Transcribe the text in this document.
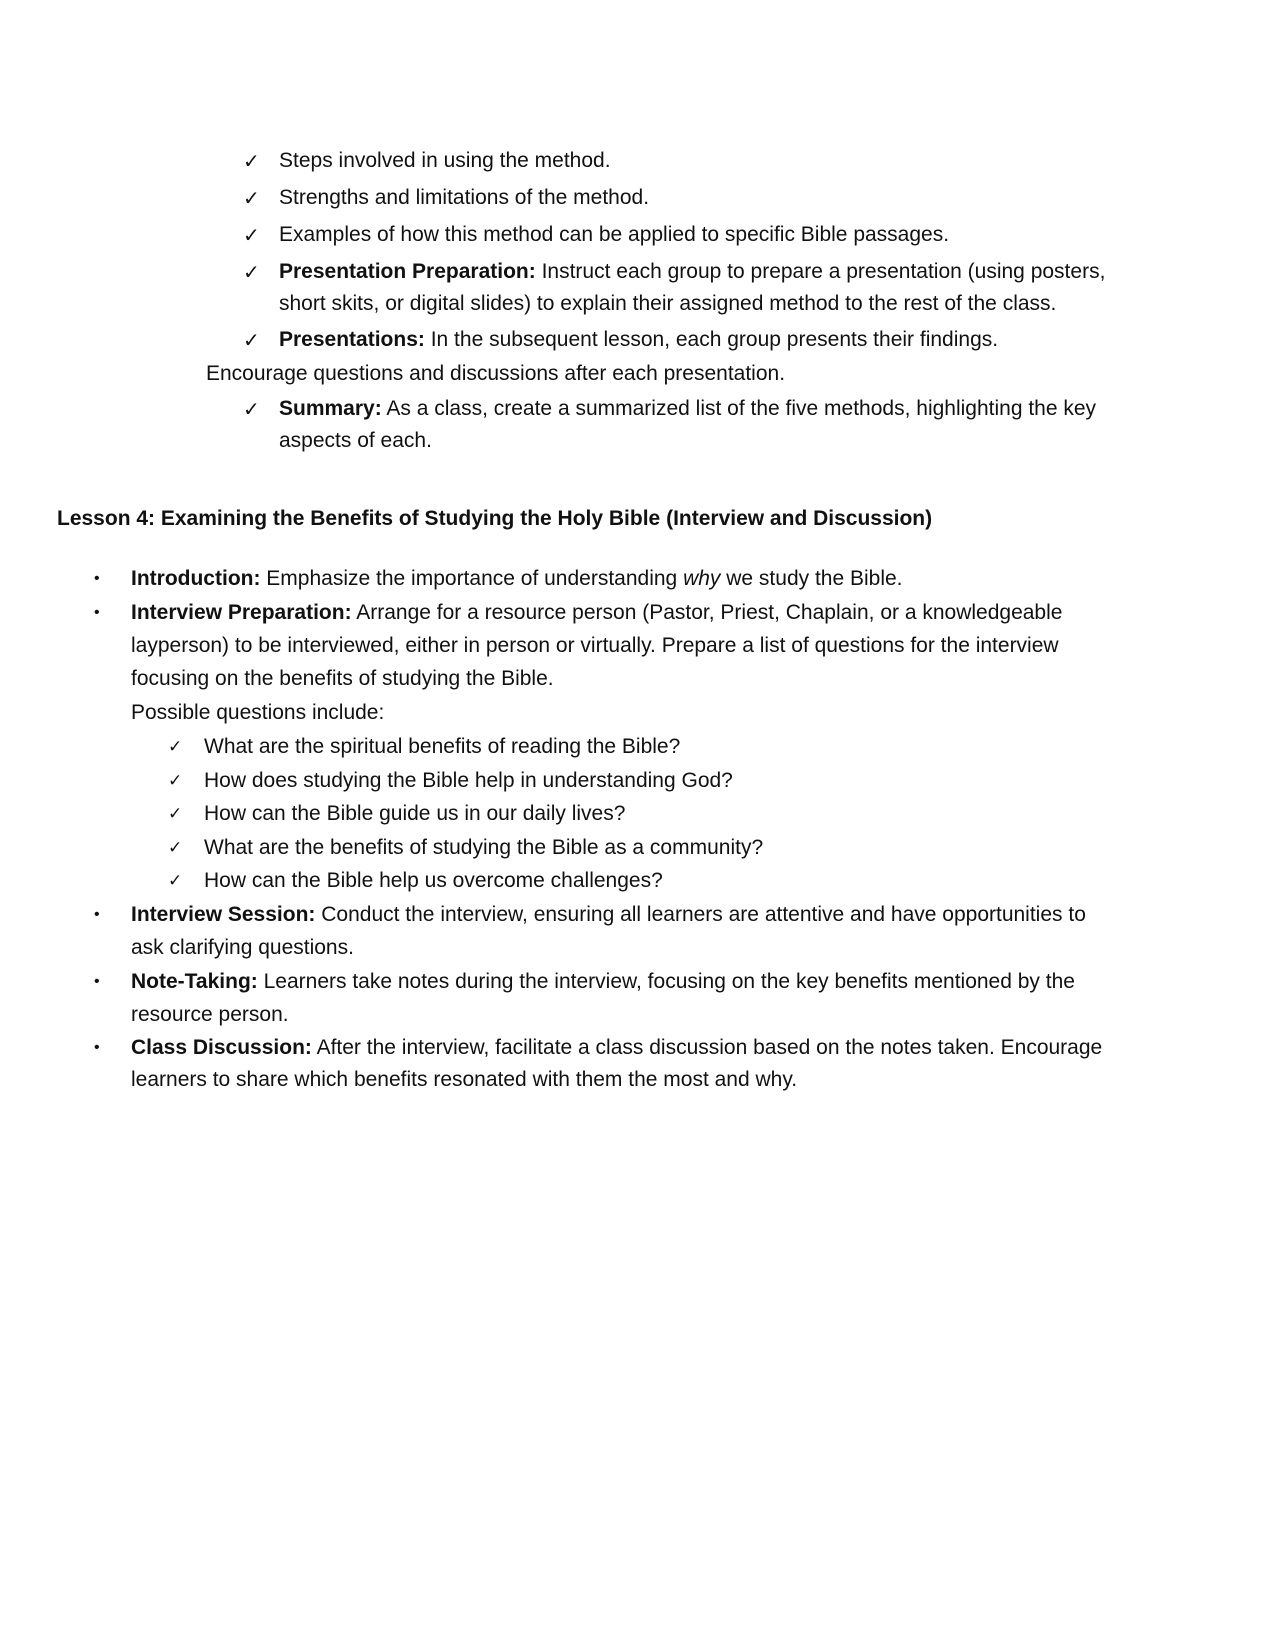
✓ Steps involved in using the method.
✓ Strengths and limitations of the method.
✓ Examples of how this method can be applied to specific Bible passages.
✓ Presentation Preparation: Instruct each group to prepare a presentation (using posters,
short skits, or digital slides) to explain their assigned method to the rest of the class.
✓ Presentations: In the subsequent lesson, each group presents their findings.
Encourage questions and discussions after each presentation.
✓ Summary: As a class, create a summarized list of the five methods, highlighting the key
aspects of each.
Lesson 4: Examining the Benefits of Studying the Holy Bible (Interview and Discussion)
• Introduction: Emphasize the importance of understanding why we study the Bible.
• Interview Preparation: Arrange for a resource person (Pastor, Priest, Chaplain, or a knowledgeable
layperson) to be interviewed, either in person or virtually. Prepare a list of questions for the interview
focusing on the benefits of studying the Bible.
Possible questions include:
✓ What are the spiritual benefits of reading the Bible?
✓ How does studying the Bible help in understanding God?
✓ How can the Bible guide us in our daily lives?
✓ What are the benefits of studying the Bible as a community?
✓ How can the Bible help us overcome challenges?
• Interview Session: Conduct the interview, ensuring all learners are attentive and have opportunities to
ask clarifying questions.
• Note-Taking: Learners take notes during the interview, focusing on the key benefits mentioned by the
resource person.
• Class Discussion: After the interview, facilitate a class discussion based on the notes taken. Encourage
learners to share which benefits resonated with them the most and why.
